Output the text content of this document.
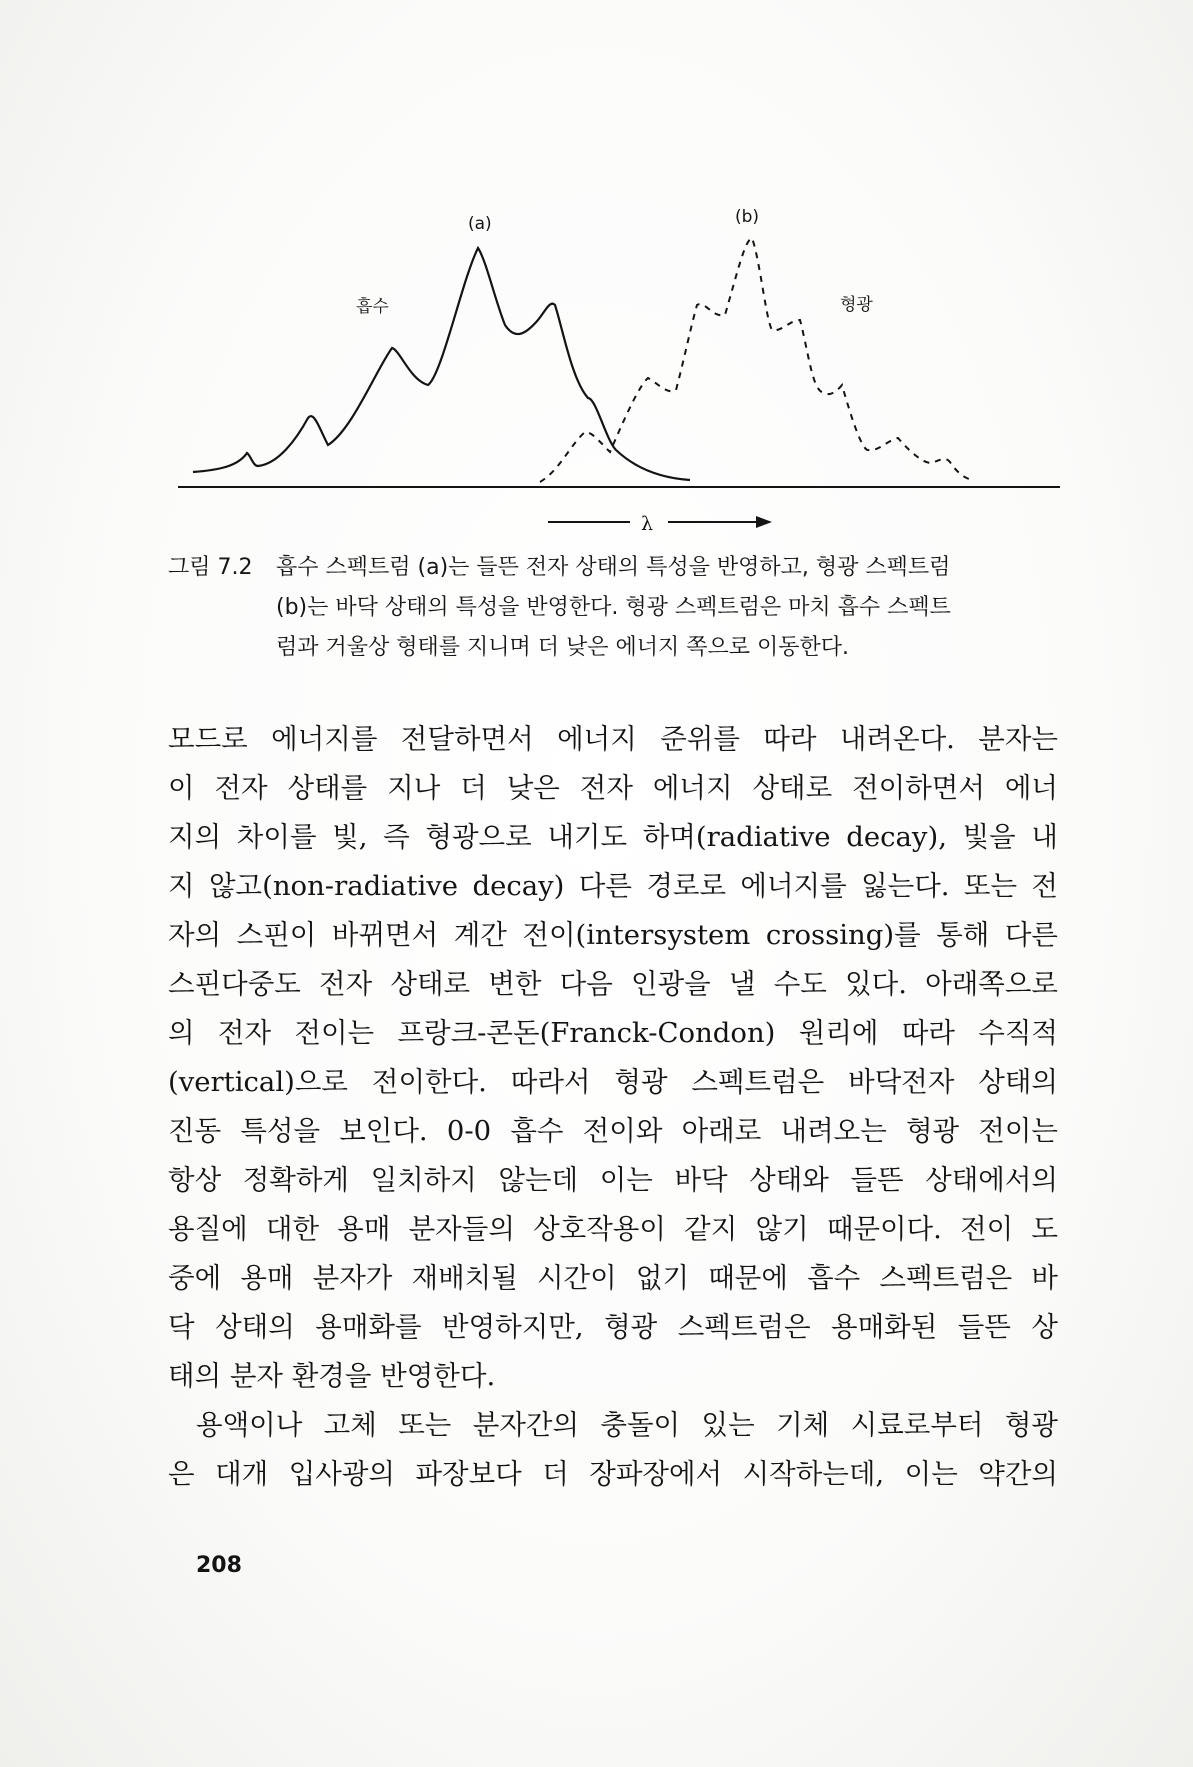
(a)	(b)
흡수	형광
λ
그림 7.2 흡수 스펙트럼 (a)는 들뜬 전자 상태의 특성을 반영하고, 형광 스펙트럼
(b)는 바닥 상태의 특성을 반영한다. 형광 스펙트럼은 마치 흡수 스펙트
럼과 거울상 형태를 지니며 더 낮은 에너지 쪽으로 이동한다.

모드로 에너지를 전달하면서 에너지 준위를 따라 내려온다. 분자는
이 전자 상태를 지나 더 낮은 전자 에너지 상태로 전이하면서 에너
지의 차이를 빛, 즉 형광으로 내기도 하며(radiative decay), 빛을 내
지 않고(non-radiative decay) 다른 경로로 에너지를 잃는다. 또는 전
자의 스핀이 바뀌면서 계간 전이(intersystem crossing)를 통해 다른
스핀다중도 전자 상태로 변한 다음 인광을 낼 수도 있다. 아래쪽으로
의 전자 전이는 프랑크-콘돈(Franck-Condon) 원리에 따라 수직적
(vertical)으로 전이한다. 따라서 형광 스펙트럼은 바닥전자 상태의
진동 특성을 보인다. 0-0 흡수 전이와 아래로 내려오는 형광 전이는
항상 정확하게 일치하지 않는데 이는 바닥 상태와 들뜬 상태에서의
용질에 대한 용매 분자들의 상호작용이 같지 않기 때문이다. 전이 도
중에 용매 분자가 재배치될 시간이 없기 때문에 흡수 스펙트럼은 바
닥 상태의 용매화를 반영하지만, 형광 스펙트럼은 용매화된 들뜬 상
태의 분자 환경을 반영한다.

용액이나 고체 또는 분자간의 충돌이 있는 기체 시료로부터 형광
은 대개 입사광의 파장보다 더 장파장에서 시작하는데, 이는 약간의

208
